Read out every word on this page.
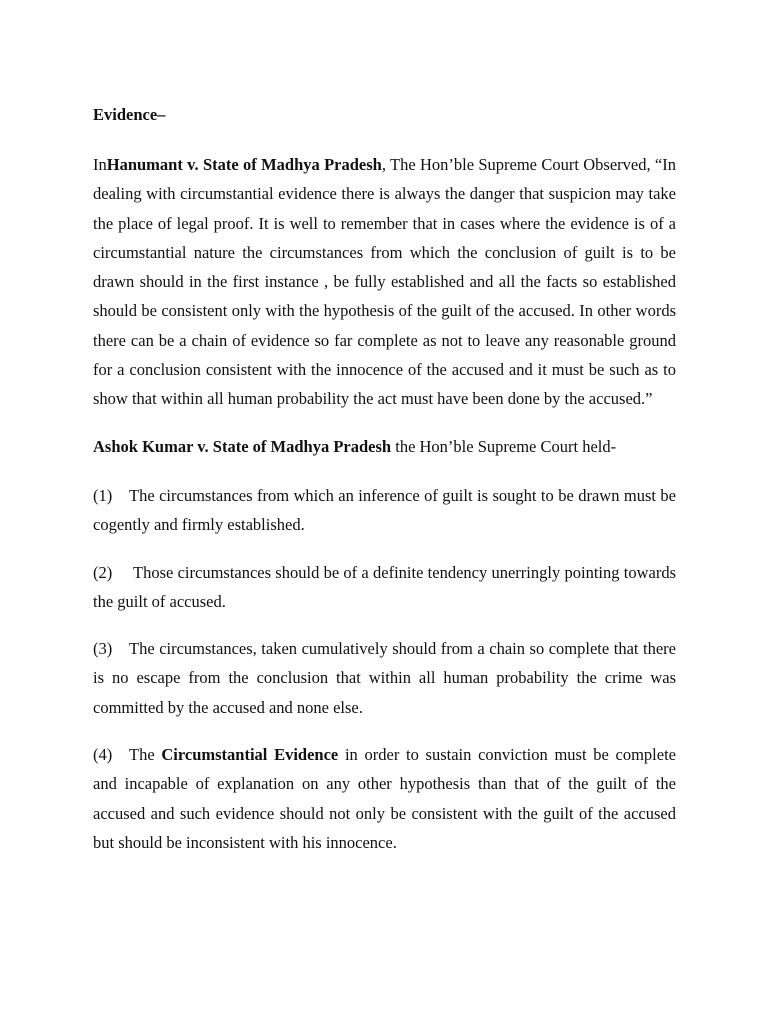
Evidence–

InHanumant v. State of Madhya Pradesh, The Hon’ble Supreme Court Observed, “In dealing with circumstantial evidence there is always the danger that suspicion may take the place of legal proof. It is well to remember that in cases where the evidence is of a circumstantial nature the circumstances from which the conclusion of guilt is to be drawn should in the first instance , be fully established and all the facts so established should be consistent only with the hypothesis of the guilt of the accused. In other words there can be a chain of evidence so far complete as not to leave any reasonable ground for a conclusion consistent with the innocence of the accused and it must be such as to show that within all human probability the act must have been done by the accused.”

Ashok Kumar v. State of Madhya Pradesh the Hon’ble Supreme Court held-

(1) The circumstances from which an inference of guilt is sought to be drawn must be cogently and firmly established.

(2) Those circumstances should be of a definite tendency unerringly pointing towards the guilt of accused.

(3) The circumstances, taken cumulatively should from a chain so complete that there is no escape from the conclusion that within all human probability the crime was committed by the accused and none else.

(4) The Circumstantial Evidence in order to sustain conviction must be complete and incapable of explanation on any other hypothesis than that of the guilt of the accused and such evidence should not only be consistent with the guilt of the accused but should be inconsistent with his innocence.
